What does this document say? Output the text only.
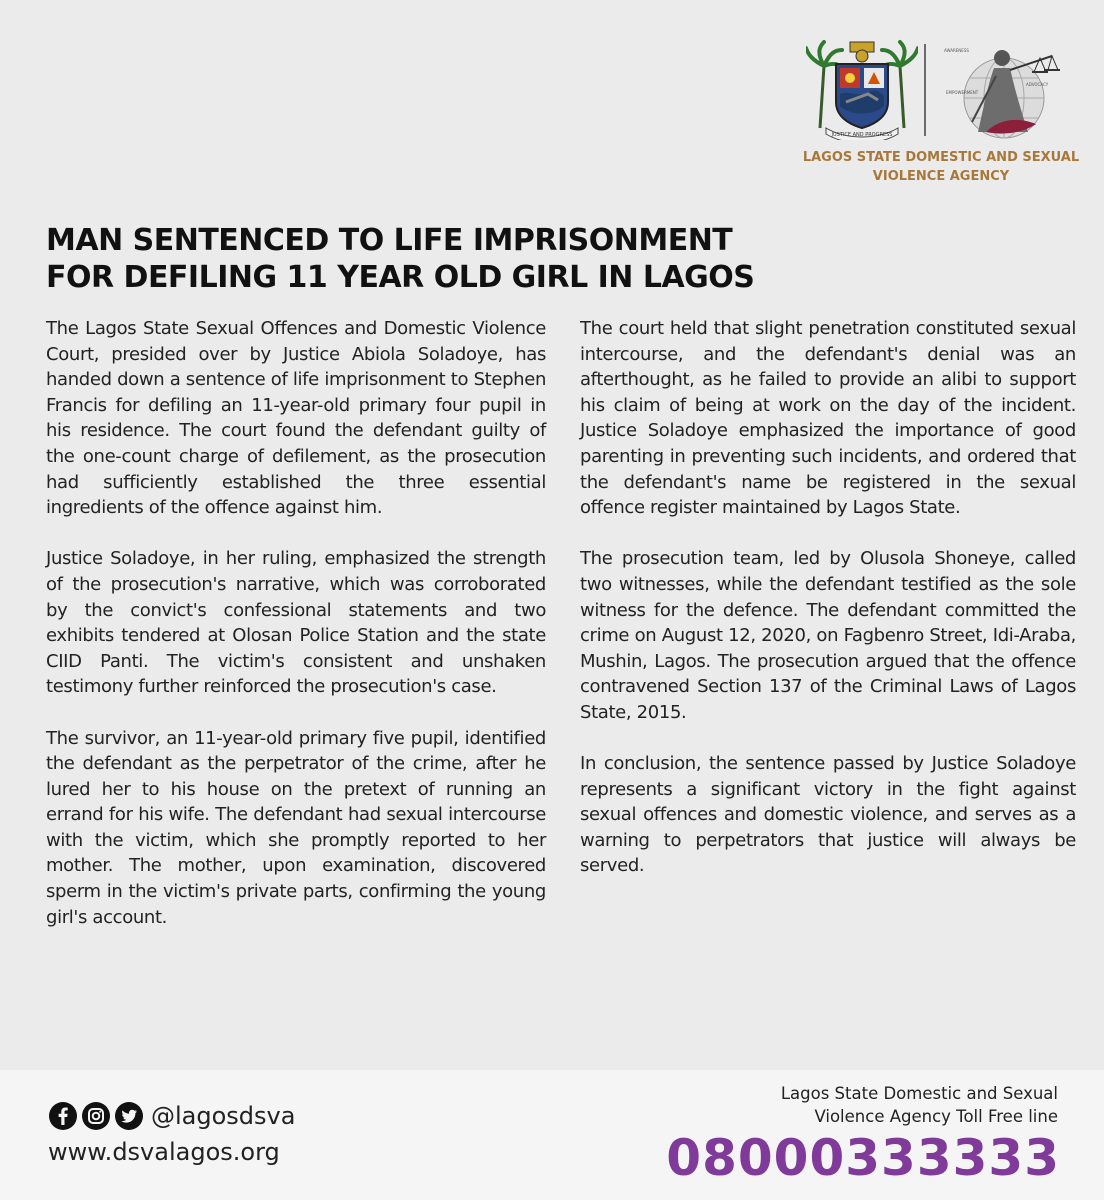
JUSTICE AND PROGRESS
AWARENESS
ADVOCACY
EMPOWERMENT
LAGOS STATE DOMESTIC AND SEXUAL
VIOLENCE AGENCY
MAN SENTENCED TO LIFE IMPRISONMENT
FOR DEFILING 11 YEAR OLD GIRL IN LAGOS

The Lagos State Sexual Offences and Domestic Violence Court, presided over by Justice Abiola Soladoye, has handed down a sentence of life imprisonment to Stephen Francis for defiling an 11-year-old primary four pupil in his residence. The court found the defendant guilty of the one-count charge of defilement, as the prosecution had sufficiently established the three essential ingredients of the offence against him.

Justice Soladoye, in her ruling, emphasized the strength of the prosecution's narrative, which was corroborated by the convict's confessional statements and two exhibits tendered at Olosan Police Station and the state CIID Panti. The victim's consistent and unshaken testimony further reinforced the prosecution's case.

The survivor, an 11-year-old primary five pupil, identified the defendant as the perpetrator of the crime, after he lured her to his house on the pretext of running an errand for his wife. The defendant had sexual intercourse with the victim, which she promptly reported to her mother. The mother, upon examination, discovered sperm in the victim's private parts, confirming the young girl's account.

The court held that slight penetration constituted sexual intercourse, and the defendant's denial was an afterthought, as he failed to provide an alibi to support his claim of being at work on the day of the incident. Justice Soladoye emphasized the importance of good parenting in preventing such incidents, and ordered that the defendant's name be registered in the sexual offence register maintained by Lagos State.

The prosecution team, led by Olusola Shoneye, called two witnesses, while the defendant testified as the sole witness for the defence. The defendant committed the crime on August 12, 2020, on Fagbenro Street, Idi-Araba, Mushin, Lagos. The prosecution argued that the offence contravened Section 137 of the Criminal Laws of Lagos State, 2015.

In conclusion, the sentence passed by Justice Soladoye represents a significant victory in the fight against sexual offences and domestic violence, and serves as a warning to perpetrators that justice will always be served.

@lagosdsva
www.dsvalagos.org
Lagos State Domestic and Sexual
Violence Agency Toll Free line
08000333333
